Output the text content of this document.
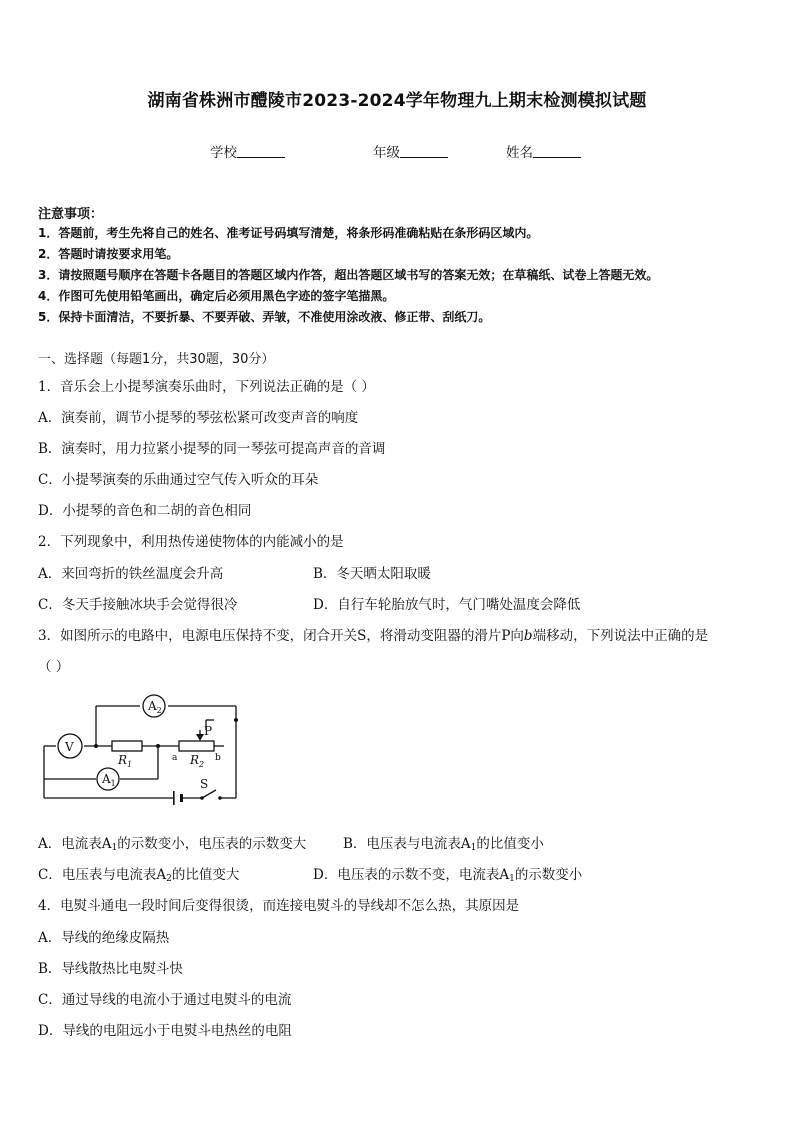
湖南省株洲市醴陵市2023-2024学年物理九上期末检测模拟试题
学校	年级	姓名
注意事项：
1．答题前，考生先将自己的姓名、准考证号码填写清楚，将条形码准确粘贴在条形码区域内。
2．答题时请按要求用笔。
3．请按照题号顺序在答题卡各题目的答题区域内作答，超出答题区域书写的答案无效；在草稿纸、试卷上答题无效。
4．作图可先使用铅笔画出，确定后必须用黑色字迹的签字笔描黑。
5．保持卡面清洁，不要折暴、不要弄破、弄皱，不准使用涂改液、修正带、刮纸刀。
一、选择题（每题1分，共30题，30分）
1．音乐会上小提琴演奏乐曲时，下列说法正确的是（ ）
A．演奏前，调节小提琴的琴弦松紧可改变声音的响度
B．演奏时，用力拉紧小提琴的同一琴弦可提高声音的音调
C．小提琴演奏的乐曲通过空气传入听众的耳朵
D．小提琴的音色和二胡的音色相同
2．下列现象中，利用热传递使物体的内能减小的是
A．来回弯折的铁丝温度会升高	B．冬天晒太阳取暖
C．冬天手接触冰块手会觉得很冷	D．自行车轮胎放气时，气门嘴处温度会降低
3．如图所示的电路中，电源电压保持不变，闭合开关S，将滑动变阻器的滑片P向b端移动，下列说法中正确的是
（ ）
$A_2$
V
$A_1$
$R_1$	$R_2$
P
a	b
S
A．电流表$A_1$的示数变小，电压表的示数变大	B．电压表与电流表$A_1$的比值变小
C．电压表与电流表$A_2$的比值变大	D．电压表的示数不变，电流表$A_1$的示数变小
4．电熨斗通电一段时间后变得很烫，而连接电熨斗的导线却不怎么热，其原因是
A．导线的绝缘皮隔热
B．导线散热比电熨斗快
C．通过导线的电流小于通过电熨斗的电流
D．导线的电阻远小于电熨斗电热丝的电阻
